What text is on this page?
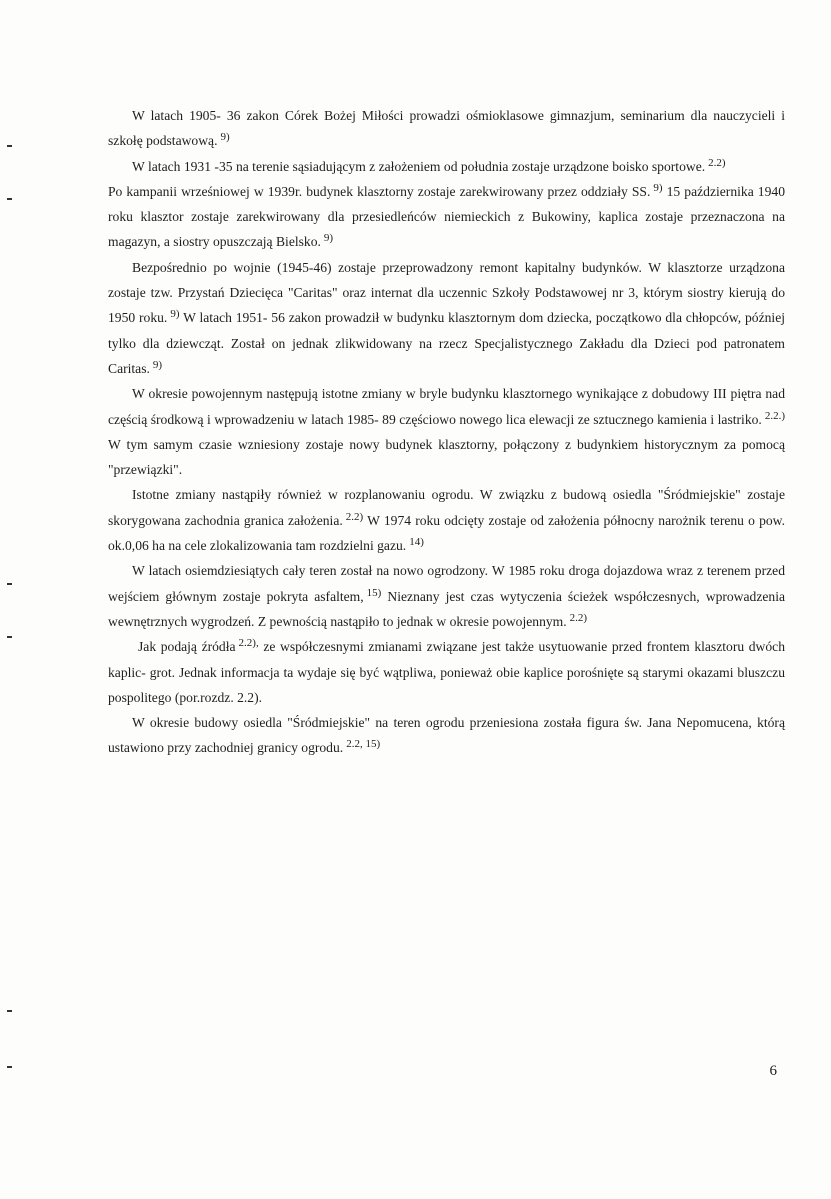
W latach 1905- 36 zakon Córek Bożej Miłości prowadzi ośmioklasowe gimnazjum, seminarium dla nauczycieli i szkołę podstawową. $^{9)}$

W latach 1931 -35 na terenie sąsiadującym z założeniem od południa zostaje urządzone boisko sportowe. $^{2.2)}$

Po kampanii wrześniowej w 1939r. budynek klasztorny zostaje zarekwirowany przez oddziały SS. $^{9)}$ 15 października 1940 roku klasztor zostaje zarekwirowany dla przesiedleńców niemieckich z Bukowiny, kaplica zostaje przeznaczona na magazyn, a siostry opuszczają Bielsko. $^{9)}$

Bezpośrednio po wojnie (1945-46) zostaje przeprowadzony remont kapitalny budynków. W klasztorze urządzona zostaje tzw. Przystań Dziecięca "Caritas" oraz internat dla uczennic Szkoły Podstawowej nr 3, którym siostry kierują do 1950 roku. $^{9)}$ W latach 1951- 56 zakon prowadził w budynku klasztornym dom dziecka, początkowo dla chłopców, później tylko dla dziewcząt. Został on jednak zlikwidowany na rzecz Specjalistycznego Zakładu dla Dzieci pod patronatem Caritas. $^{9)}$

W okresie powojennym następują istotne zmiany w bryle budynku klasztornego wynikające z dobudowy III piętra nad częścią środkową i wprowadzeniu w latach 1985- 89 częściowo nowego lica elewacji ze sztucznego kamienia i lastriko. $^{2.2.)}$ W tym samym czasie wzniesiony zostaje nowy budynek klasztorny, połączony z budynkiem historycznym za pomocą "przewiązki".

Istotne zmiany nastąpiły również w rozplanowaniu ogrodu. W związku z budową osiedla "Śródmiejskie" zostaje skorygowana zachodnia granica założenia. $^{2.2)}$ W 1974 roku odcięty zostaje od założenia północny narożnik terenu o pow. ok.0,06 ha na cele zlokalizowania tam rozdzielni gazu. $^{14)}$

W latach osiemdziesiątych cały teren został na nowo ogrodzony. W 1985 roku droga dojazdowa wraz z terenem przed wejściem głównym zostaje pokryta asfaltem, $^{15)}$ Nieznany jest czas wytyczenia ścieżek współczesnych, wprowadzenia wewnętrznych wygrodzeń. Z pewnością nastąpiło to jednak w okresie powojennym. $^{2.2)}$

Jak podają źródła $^{2.2),}$ ze współczesnymi zmianami związane jest także usytuowanie przed frontem klasztoru dwóch kaplic- grot. Jednak informacja ta wydaje się być wątpliwa, ponieważ obie kaplice porośnięte są starymi okazami bluszczu pospolitego (por.rozdz. 2.2).

W okresie budowy osiedla "Śródmiejskie" na teren ogrodu przeniesiona została figura św. Jana Nepomucena, którą ustawiono przy zachodniej granicy ogrodu. $^{2.2, 15)}$

6
